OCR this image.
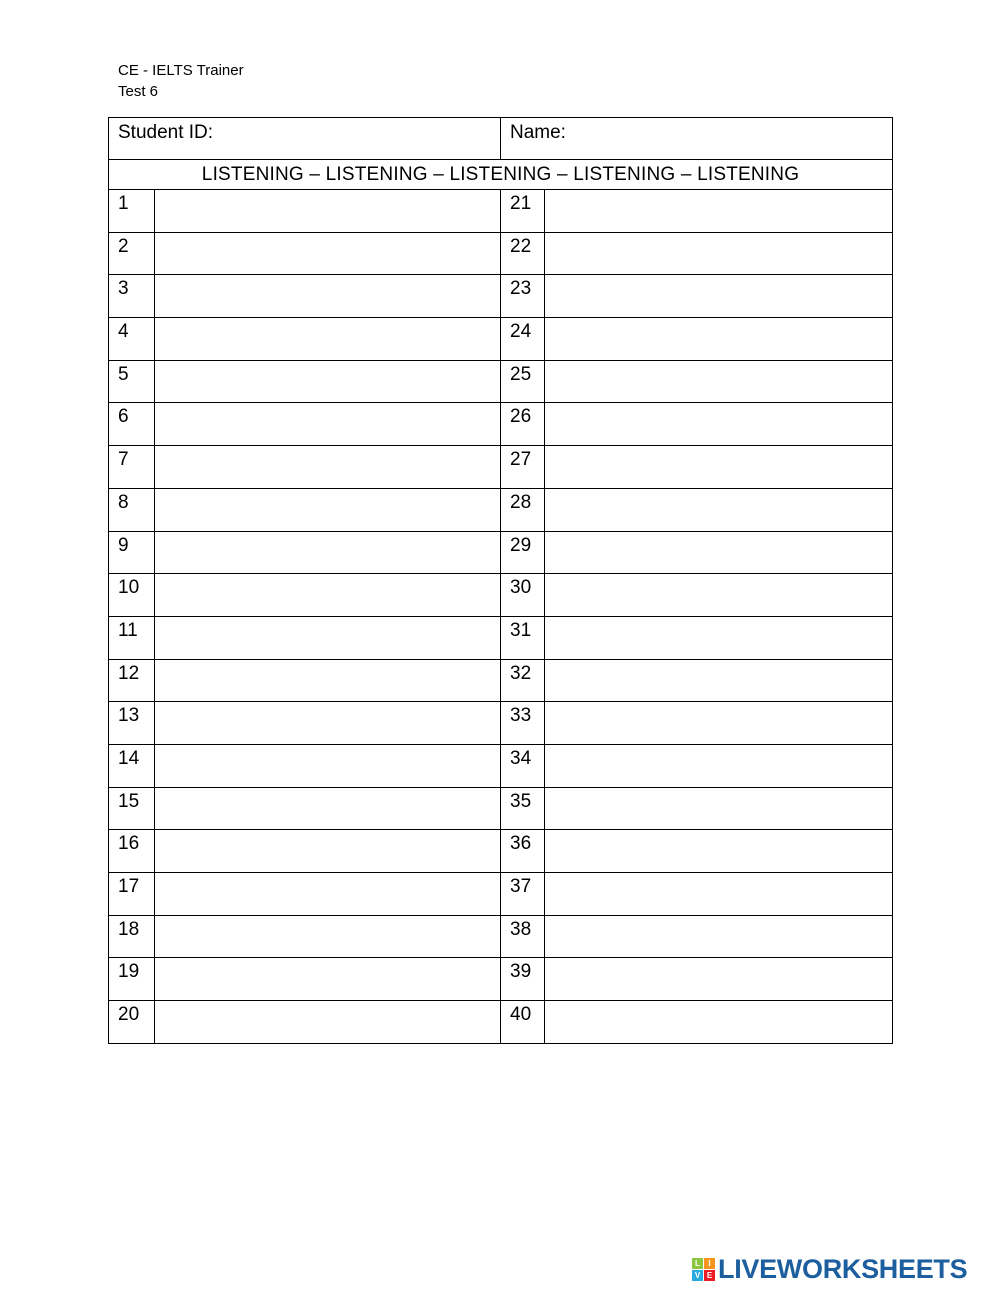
CE - IELTS Trainer
Test 6
Student ID:		Name:	
LISTENING – LISTENING – LISTENING – LISTENING – LISTENING			
1		21	
2		22	
3		23	
4		24	
5		25	
6		26	
7		27	
8		28	
9		29	
10		30	
11		31	
12		32	
13		33	
14		34	
15		35	
16		36	
17		37	
18		38	
19		39	
20		40	
L	I
V E LIVEWORKSHEETS
